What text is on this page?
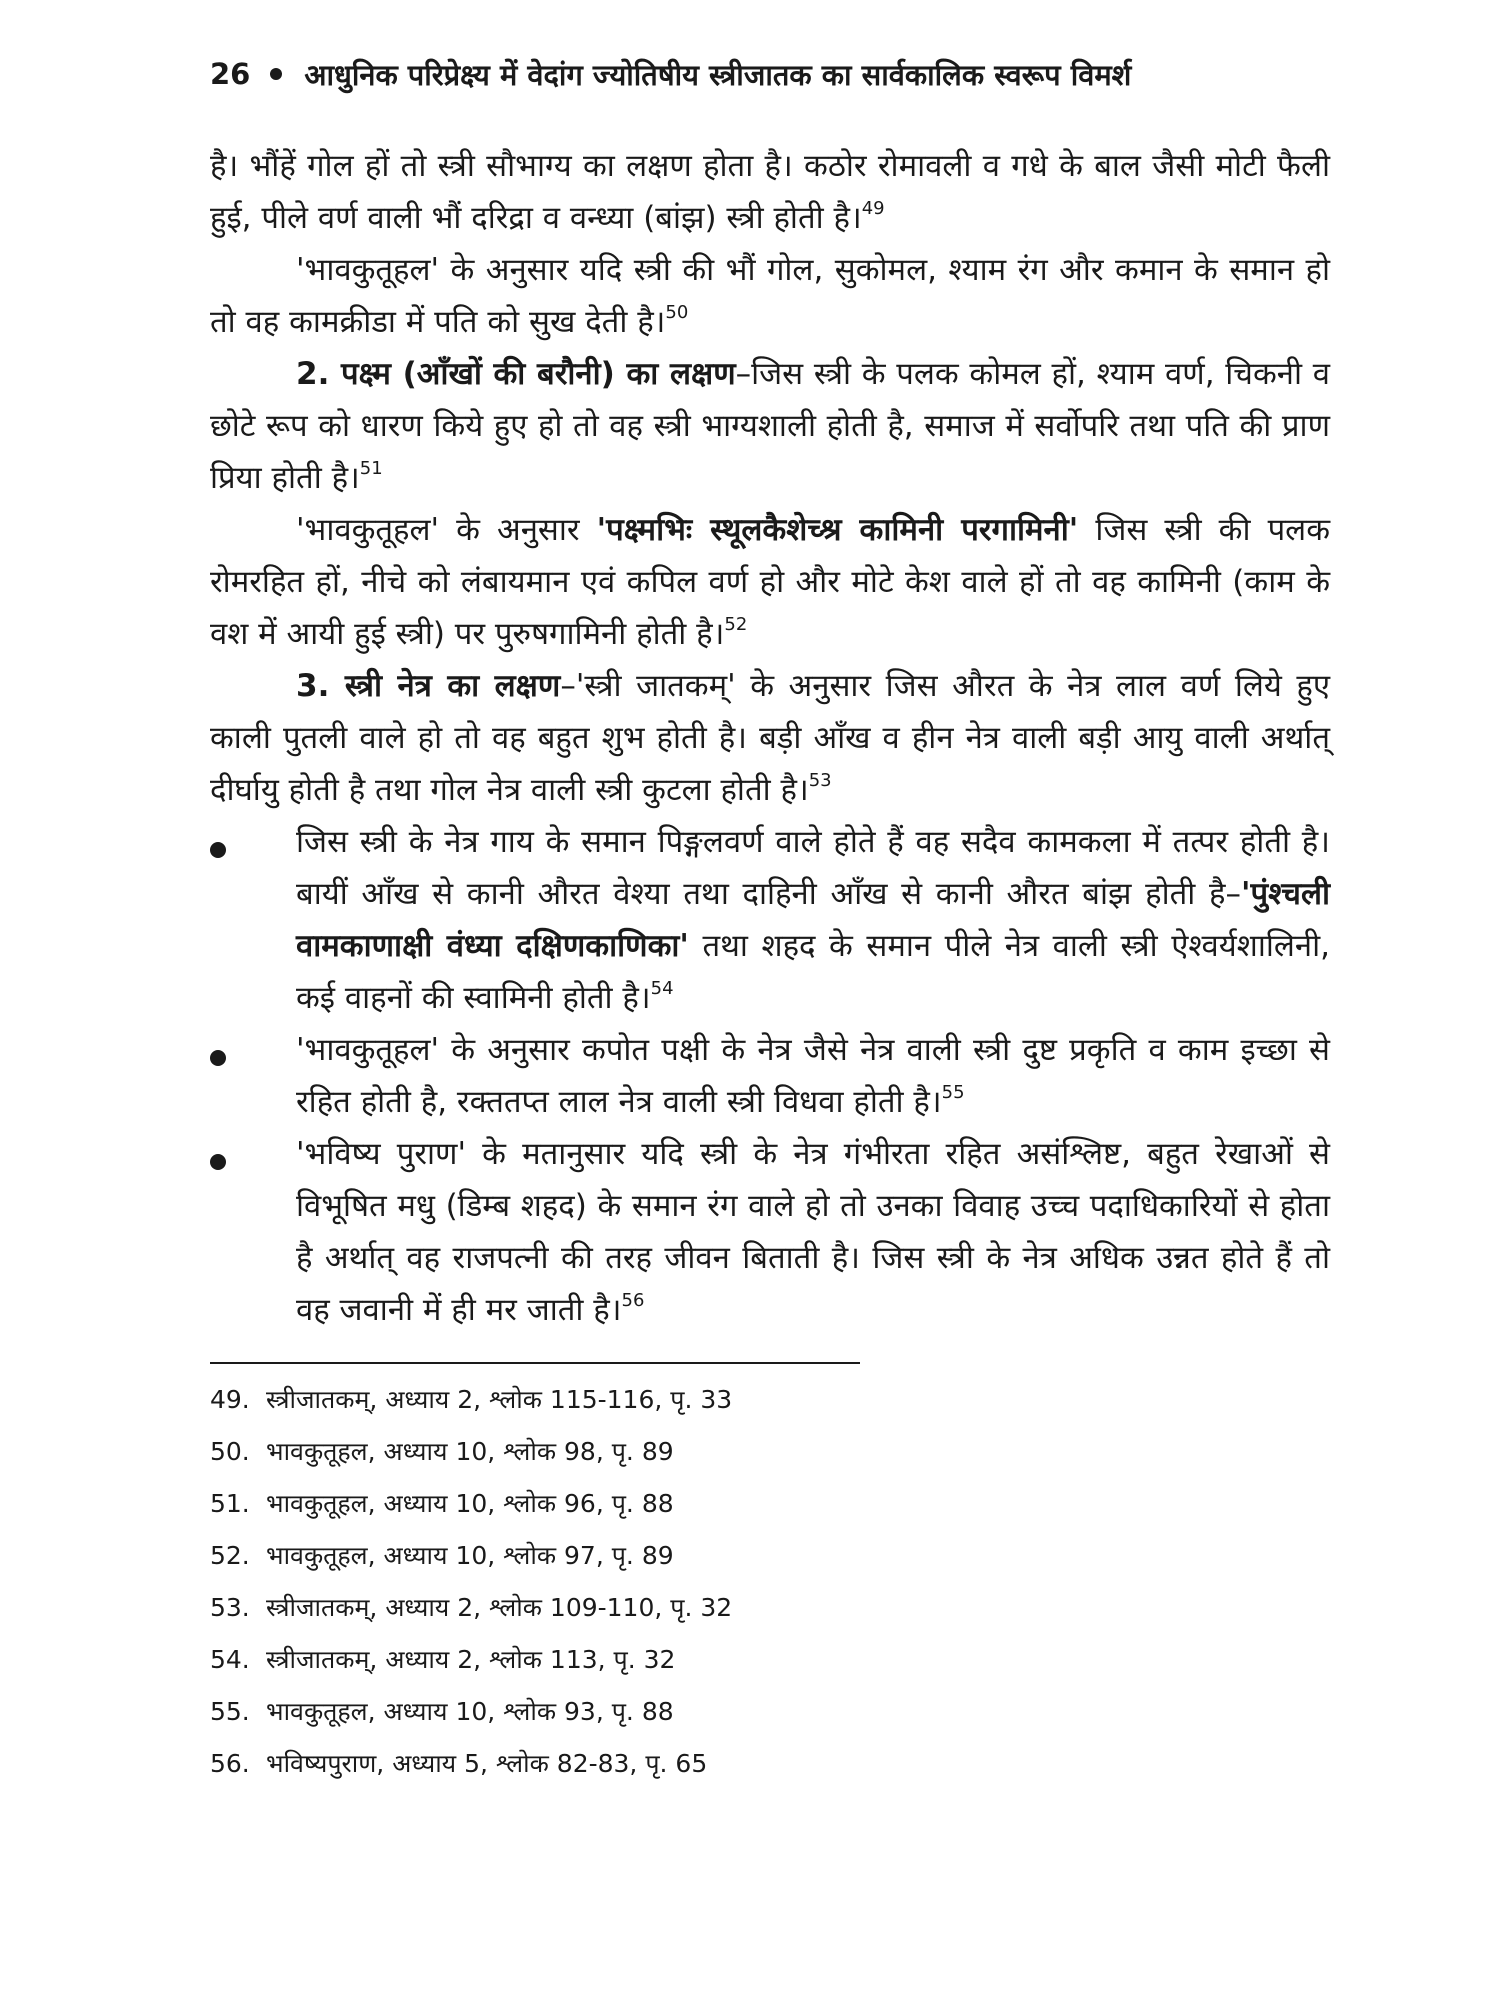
26 आधुनिक परिप्रेक्ष्य में वेदांग ज्योतिषीय स्त्रीजातक का सार्वकालिक स्वरूप विमर्श

है। भौंहें गोल हों तो स्त्री सौभाग्य का लक्षण होता है। कठोर रोमावली व गधे के बाल जैसी मोटी फैली हुई, पीले वर्ण वाली भौं दरिद्रा व वन्ध्या (बांझ) स्त्री होती है।$^{49}$

'भावकुतूहल' के अनुसार यदि स्त्री की भौं गोल, सुकोमल, श्याम रंग और कमान के समान हो तो वह कामक्रीडा में पति को सुख देती है।$^{50}$

2. पक्ष्म (आँखों की बरौनी) का लक्षण–जिस स्त्री के पलक कोमल हों, श्याम वर्ण, चिकनी व छोटे रूप को धारण किये हुए हो तो वह स्त्री भाग्यशाली होती है, समाज में सर्वोपरि तथा पति की प्राण प्रिया होती है।$^{51}$

'भावकुतूहल' के अनुसार 'पक्ष्मभिः स्थूलकैशेच्श्र कामिनी परगामिनी' जिस स्त्री की पलक रोमरहित हों, नीचे को लंबायमान एवं कपिल वर्ण हो और मोटे केश वाले हों तो वह कामिनी (काम के वश में आयी हुई स्त्री) पर पुरुषगामिनी होती है।$^{52}$

3. स्त्री नेत्र का लक्षण–'स्त्री जातकम्' के अनुसार जिस औरत के नेत्र लाल वर्ण लिये हुए काली पुतली वाले हो तो वह बहुत शुभ होती है। बड़ी आँख व हीन नेत्र वाली बड़ी आयु वाली अर्थात् दीर्घायु होती है तथा गोल नेत्र वाली स्त्री कुटला होती है।$^{53}$

जिस स्त्री के नेत्र गाय के समान पिङ्गलवर्ण वाले होते हैं वह सदैव कामकला में तत्पर होती है। बायीं आँख से कानी औरत वेश्या तथा दाहिनी आँख से कानी औरत बांझ होती है–'पुंश्चली वामकाणाक्षी वंध्या दक्षिणकाणिका' तथा शहद के समान पीले नेत्र वाली स्त्री ऐश्वर्यशालिनी, कई वाहनों की स्वामिनी होती है।$^{54}$
'भावकुतूहल' के अनुसार कपोत पक्षी के नेत्र जैसे नेत्र वाली स्त्री दुष्ट प्रकृति व काम इच्छा से रहित होती है, रक्ततप्त लाल नेत्र वाली स्त्री विधवा होती है।$^{55}$
'भविष्य पुराण' के मतानुसार यदि स्त्री के नेत्र गंभीरता रहित असंश्लिष्ट, बहुत रेखाओं से विभूषित मधु (डिम्ब शहद) के समान रंग वाले हो तो उनका विवाह उच्च पदाधिकारियों से होता है अर्थात् वह राजपत्नी की तरह जीवन बिताती है। जिस स्त्री के नेत्र अधिक उन्नत होते हैं तो वह जवानी में ही मर जाती है।$^{56}$
49. स्त्रीजातकम्, अध्याय 2, श्लोक 115-116, पृ. 33
50. भावकुतूहल, अध्याय 10, श्लोक 98, पृ. 89
51. भावकुतूहल, अध्याय 10, श्लोक 96, पृ. 88
52. भावकुतूहल, अध्याय 10, श्लोक 97, पृ. 89
53. स्त्रीजातकम्, अध्याय 2, श्लोक 109-110, पृ. 32
54. स्त्रीजातकम्, अध्याय 2, श्लोक 113, पृ. 32
55. भावकुतूहल, अध्याय 10, श्लोक 93, पृ. 88
56. भविष्यपुराण, अध्याय 5, श्लोक 82-83, पृ. 65
